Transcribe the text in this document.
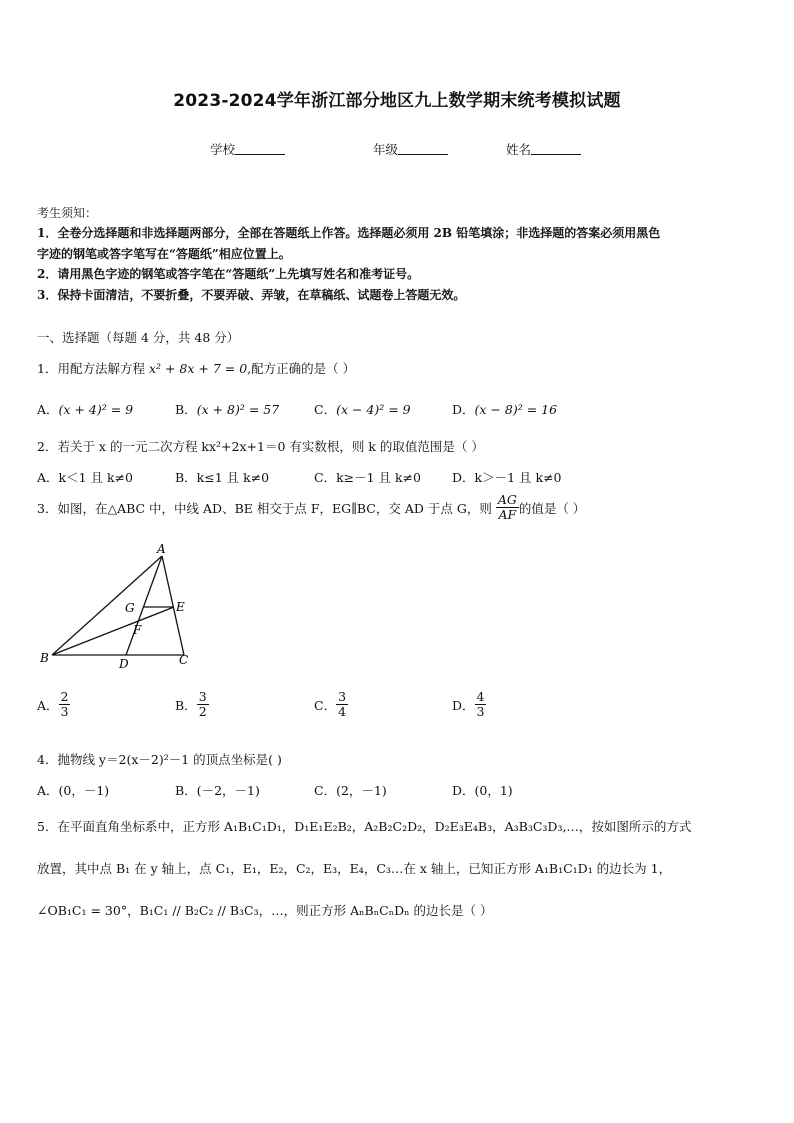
2023-2024学年浙江部分地区九上数学期末统考模拟试题
学校	年级	姓名
考生须知：
1．全卷分选择题和非选择题两部分，全部在答题纸上作答。选择题必须用 2B 铅笔填涂；非选择题的答案必须用黑色
字迹的钢笔或答字笔写在“答题纸”相应位置上。
2．请用黑色字迹的钢笔或答字笔在“答题纸”上先填写姓名和准考证号。
3．保持卡面清洁，不要折叠，不要弄破、弄皱，在草稿纸、试题卷上答题无效。
一、选择题（每题 4 分，共 48 分）
1．用配方法解方程 x² + 8x + 7 = 0,配方正确的是（ ）
A．(x + 4)² = 9	B．(x + 8)² = 57	C．(x − 4)² = 9	D．(x − 8)² = 16
2．若关于 x 的一元二次方程 kx²+2x+1＝0 有实数根，则 k 的取值范围是（ ）
A．k＜1 且 k≠0	B．k≤1 且 k≠0	C．k≥－1 且 k≠0 D．k＞－1 且 k≠0
3．如图，在△ABC 中，中线 AD、BE 相交于点 F，EG∥BC，交 AD 于点 G，则 $\frac{AG}{AF}$ 的值是（ ）
A
B	C
D
E
F
G
A． $\frac{2}{3}$	B． $\frac{3}{2}$	C． $\frac{3}{4}$	D． $\frac{4}{3}$
4．抛物线 y＝2(x－2)²－1 的顶点坐标是( )
A．(0，－1)	B．(－2，－1)	C．(2，－1)	D．(0，1)
5．在平面直角坐标系中，正方形 A₁B₁C₁D₁，D₁E₁E₂B₂，A₂B₂C₂D₂，D₂E₃E₄B₃，A₃B₃C₃D₃,…，按如图所示的方式
放置，其中点 B₁ 在 y 轴上，点 C₁，E₁，E₂，C₂，E₃，E₄，C₃…在 x 轴上，已知正方形 A₁B₁C₁D₁ 的边长为 1，
∠OB₁C₁ = 30°，B₁C₁ // B₂C₂ // B₃C₃，…，则正方形 AₙBₙCₙDₙ 的边长是（ ）
